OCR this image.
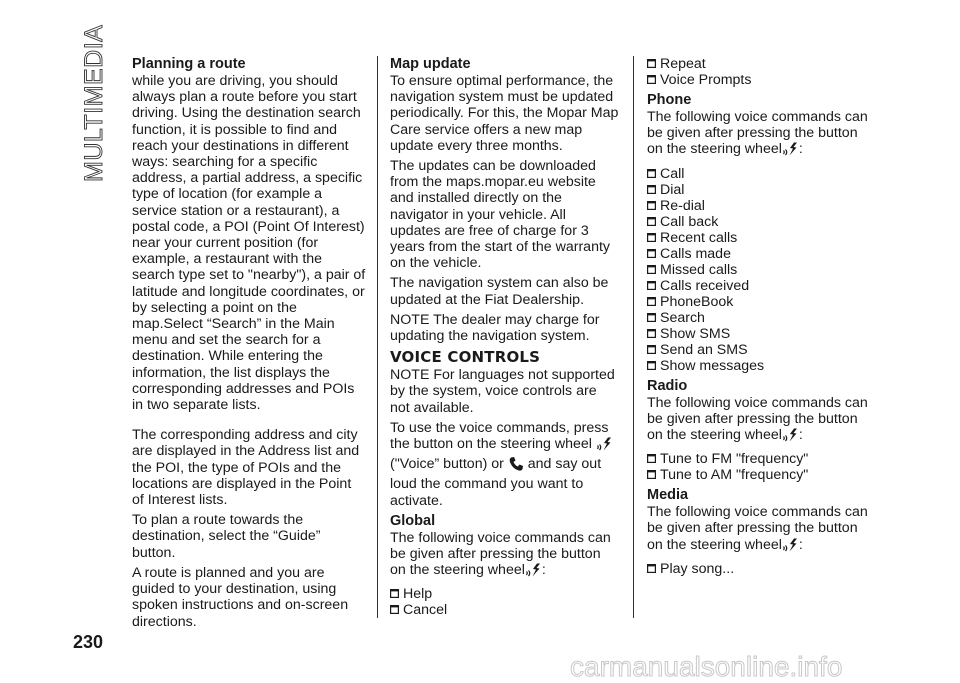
MULTIMEDIA Planning a route

while you are driving, you should always plan a route before you start driving. Using the destination search function, it is possible to find and reach your destinations in different ways: searching for a specific address, a partial address, a specific type of location (for example a service station or a restaurant), a postal code, a POI (Point Of Interest) near your current position (for example, a restaurant with the search type set to "nearby"), a pair of latitude and longitude coordinates, or by selecting a point on the map.Select “Search” in the Main menu and set the search for a destination. While entering the information, the list displays the corresponding addresses and POIs in two separate lists.

The corresponding address and city are displayed in the Address list and the POI, the type of POIs and the locations are displayed in the Point of Interest lists.

To plan a route towards the destination, select the “Guide” button.

A route is planned and you are guided to your destination, using spoken instructions and on-screen directions.

Map update

To ensure optimal performance, the navigation system must be updated periodically. For this, the Mopar Map Care service offers a new map update every three months.

The updates can be downloaded from the maps.mopar.eu website and installed directly on the navigator in your vehicle. All updates are free of charge for 3 years from the start of the warranty on the vehicle.

The navigation system can also be updated at the Fiat Dealership.

NOTE The dealer may charge for updating the navigation system.

VOICE CONTROLS

NOTE For languages not supported by the system, voice controls are not available.

To use the voice commands, press the button on the steering wheel ("Voice” button) or and say out loud the command you want to activate.

Global

The following voice commands can be given after pressing the button on the steering wheel :

Help
Cancel
Repeat
Voice Prompts
Phone

The following voice commands can be given after pressing the button on the steering wheel :

Call
Dial
Re-dial
Call back
Recent calls
Calls made
Missed calls
Calls received
PhoneBook
Search
Show SMS
Send an SMS
Show messages
Radio

The following voice commands can be given after pressing the button on the steering wheel :

Tune to FM "frequency"
Tune to AM "frequency"
Media

The following voice commands can be given after pressing the button on the steering wheel :

Play song...
230
carmanualsonline.info
